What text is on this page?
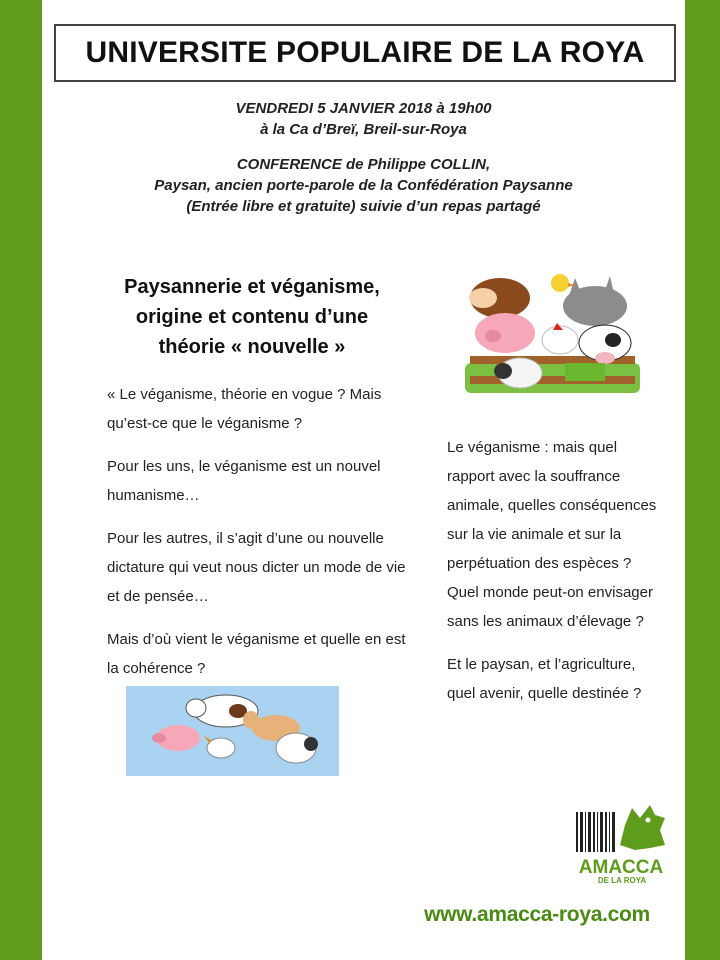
UNIVERSITE POPULAIRE DE LA ROYA
VENDREDI 5 JANVIER 2018 à 19h00
à la Ca d’Breï, Breil-sur-Roya
CONFERENCE de Philippe COLLIN,
Paysan, ancien porte-parole de la Confédération Paysanne
(Entrée libre et gratuite) suivie d’un repas partagé
Paysannerie et véganisme,
origine et contenu d’une
théorie « nouvelle »

« Le véganisme, théorie en vogue ? Mais qu’est-ce que le véganisme ?

Pour les uns, le véganisme est un nouvel humanisme…

Pour les autres, il s’agit d’une ou nouvelle dictature qui veut nous dicter un mode de vie et de pensée…

Mais d’où vient le véganisme et quelle en est la cohérence ?

Le véganisme : mais quel rapport avec la souffrance animale, quelles conséquences sur la vie animale et sur la perpétuation des espèces ? Quel monde peut-on envisager sans les animaux d’élevage ?

Et le paysan, et l’agriculture, quel avenir, quelle destinée ?

AMACCA
DE LA ROYA
www.amacca-roya.com
